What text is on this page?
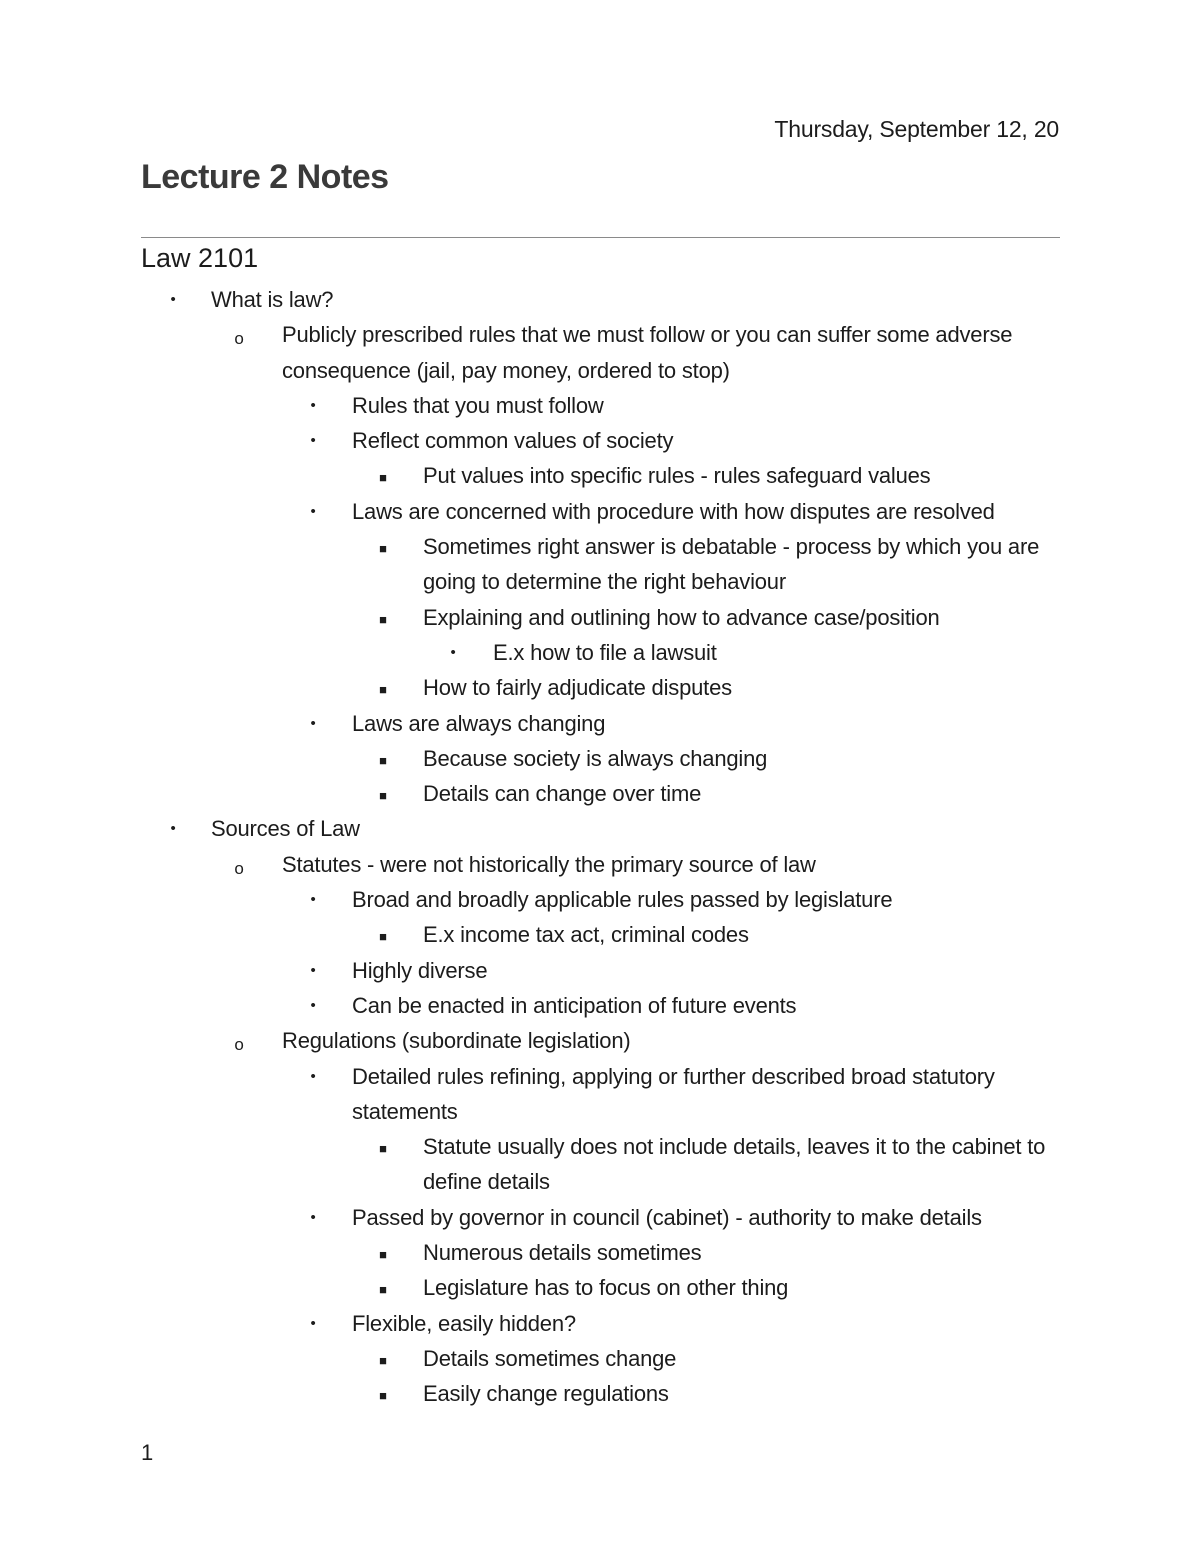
Thursday, September 12, 20
Lecture 2 Notes
Law 2101
•	What is law?
o	Publicly prescribed rules that we must follow or you can suffer some adverse consequence (jail, pay money, ordered to stop)
•	Rules that you must follow
•	Reflect common values of society
■	Put values into specific rules - rules safeguard values
•	Laws are concerned with procedure with how disputes are resolved
■	Sometimes right answer is debatable - process by which you are going to determine the right behaviour
■	Explaining and outlining how to advance case/position
•	E.x how to file a lawsuit
■	How to fairly adjudicate disputes
•	Laws are always changing
■	Because society is always changing
■	Details can change over time
•	Sources of Law
o	Statutes - were not historically the primary source of law
•	Broad and broadly applicable rules passed by legislature
■	E.x income tax act, criminal codes
•	Highly diverse
•	Can be enacted in anticipation of future events
o	Regulations (subordinate legislation)
•	Detailed rules refining, applying or further described broad statutory statements
■	Statute usually does not include details, leaves it to the cabinet to define details
•	Passed by governor in council (cabinet) - authority to make details
■	Numerous details sometimes
■	Legislature has to focus on other thing
•	Flexible, easily hidden?
■	Details sometimes change
■	Easily change regulations
1
